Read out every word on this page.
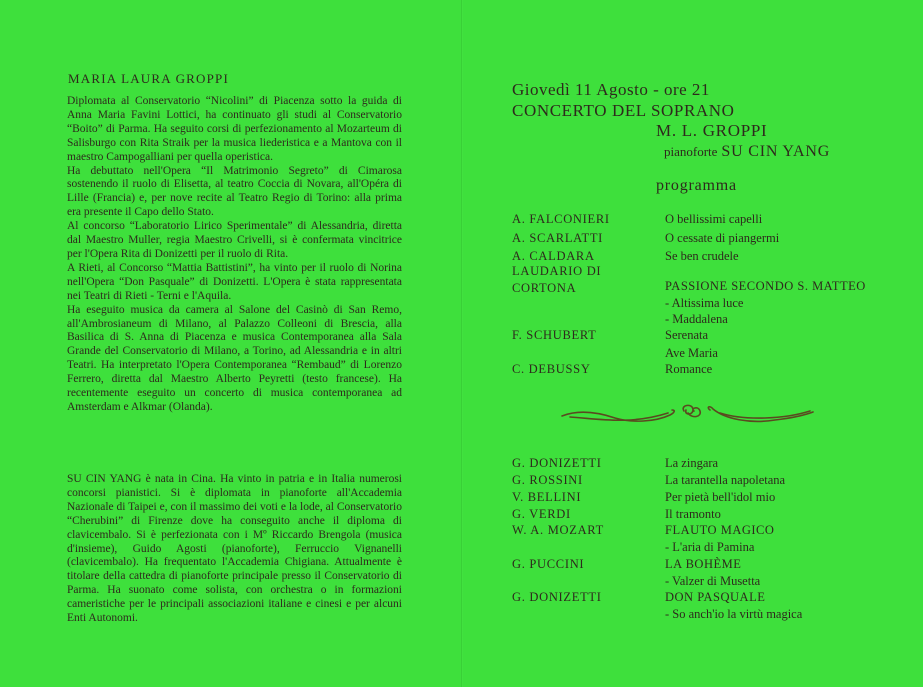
MARIA LAURA GROPPI

Diplomata al Conservatorio “Nicolini” di Piacenza sotto la guida di Anna Maria Favini Lottici, ha continuato gli studi al Conservatorio “Boito” di Parma. Ha seguito corsi di perfezionamento al Mozarteum di Salisburgo con Rita Straik per la musica liederistica e a Mantova con il maestro Campogalliani per quella operistica.

Ha debuttato nell'Opera “Il Matrimonio Segreto” di Cimarosa sostenendo il ruolo di Elisetta, al teatro Coccia di Novara, all'Opéra di Lille (Francia) e, per nove recite al Teatro Regio di Torino: alla prima era presente il Capo dello Stato.

Al concorso “Laboratorio Lirico Sperimentale” di Alessandria, diretta dal Maestro Muller, regia Maestro Crivelli, si è confermata vincitrice per l'Opera Rita di Donizetti per il ruolo di Rita.

A Rieti, al Concorso “Mattia Battistini”, ha vinto per il ruolo di Norina nell'Opera “Don Pasquale” di Donizetti. L'Opera è stata rappresentata nei Teatri di Rieti - Terni e l'Aquila.

Ha eseguito musica da camera al Salone del Casinò di San Remo, all'Ambrosianeum di Milano, al Palazzo Colleoni di Brescia, alla Basilica di S. Anna di Piacenza e musica Contemporanea alla Sala Grande del Conservatorio di Milano, a Torino, ad Alessandria e in altri Teatri. Ha interpretato l'Opera Contemporanea “Rembaud” di Lorenzo Ferrero, diretta dal Maestro Alberto Peyretti (testo francese). Ha recentemente eseguito un concerto di musica contemporanea ad Amsterdam e Alkmar (Olanda).

SU CIN YANG è nata in Cina. Ha vinto in patria e in Italia numerosi concorsi pianistici. Si è diplomata in pianoforte all'Accademia Nazionale di Taipei e, con il massimo dei voti e la lode, al Conservatorio “Cherubini” di Firenze dove ha conseguito anche il diploma di clavicembalo. Si è perfezionata con i Mº Riccardo Brengola (musica d'insieme), Guido Agosti (pianoforte), Ferruccio Vignanelli (clavicembalo). Ha frequentato l'Accademia Chigiana. Attualmente è titolare della cattedra di pianoforte principale presso il Conservatorio di Parma. Ha suonato come solista, con orchestra o in formazioni cameristiche per le principali associazioni italiane e cinesi e per alcuni Enti Autonomi.

Giovedì 11 Agosto - ore 21
CONCERTO DEL SOPRANO
M. L. GROPPI
pianoforte SU CIN YANG
programma
A. FALCONIERI	O bellissimi capelli
A. SCARLATTI	O cessate di piangermi
A. CALDARA	Se ben crudele
LAUDARIO DI CORTONA	PASSIONE SECONDO S. MATTEO
- Altissima luce
- Maddalena
F. SCHUBERT	Serenata
Ave Maria
C. DEBUSSY	Romance
G. DONIZETTI	La zingara
G. ROSSINI	La tarantella napoletana
V. BELLINI	Per pietà bell'idol mio
G. VERDI	Il tramonto
W. A. MOZART	FLAUTO MAGICO
- L'aria di Pamina
G. PUCCINI	LA BOHÈME
- Valzer di Musetta
G. DONIZETTI	DON PASQUALE
- So anch'io la virtù magica
